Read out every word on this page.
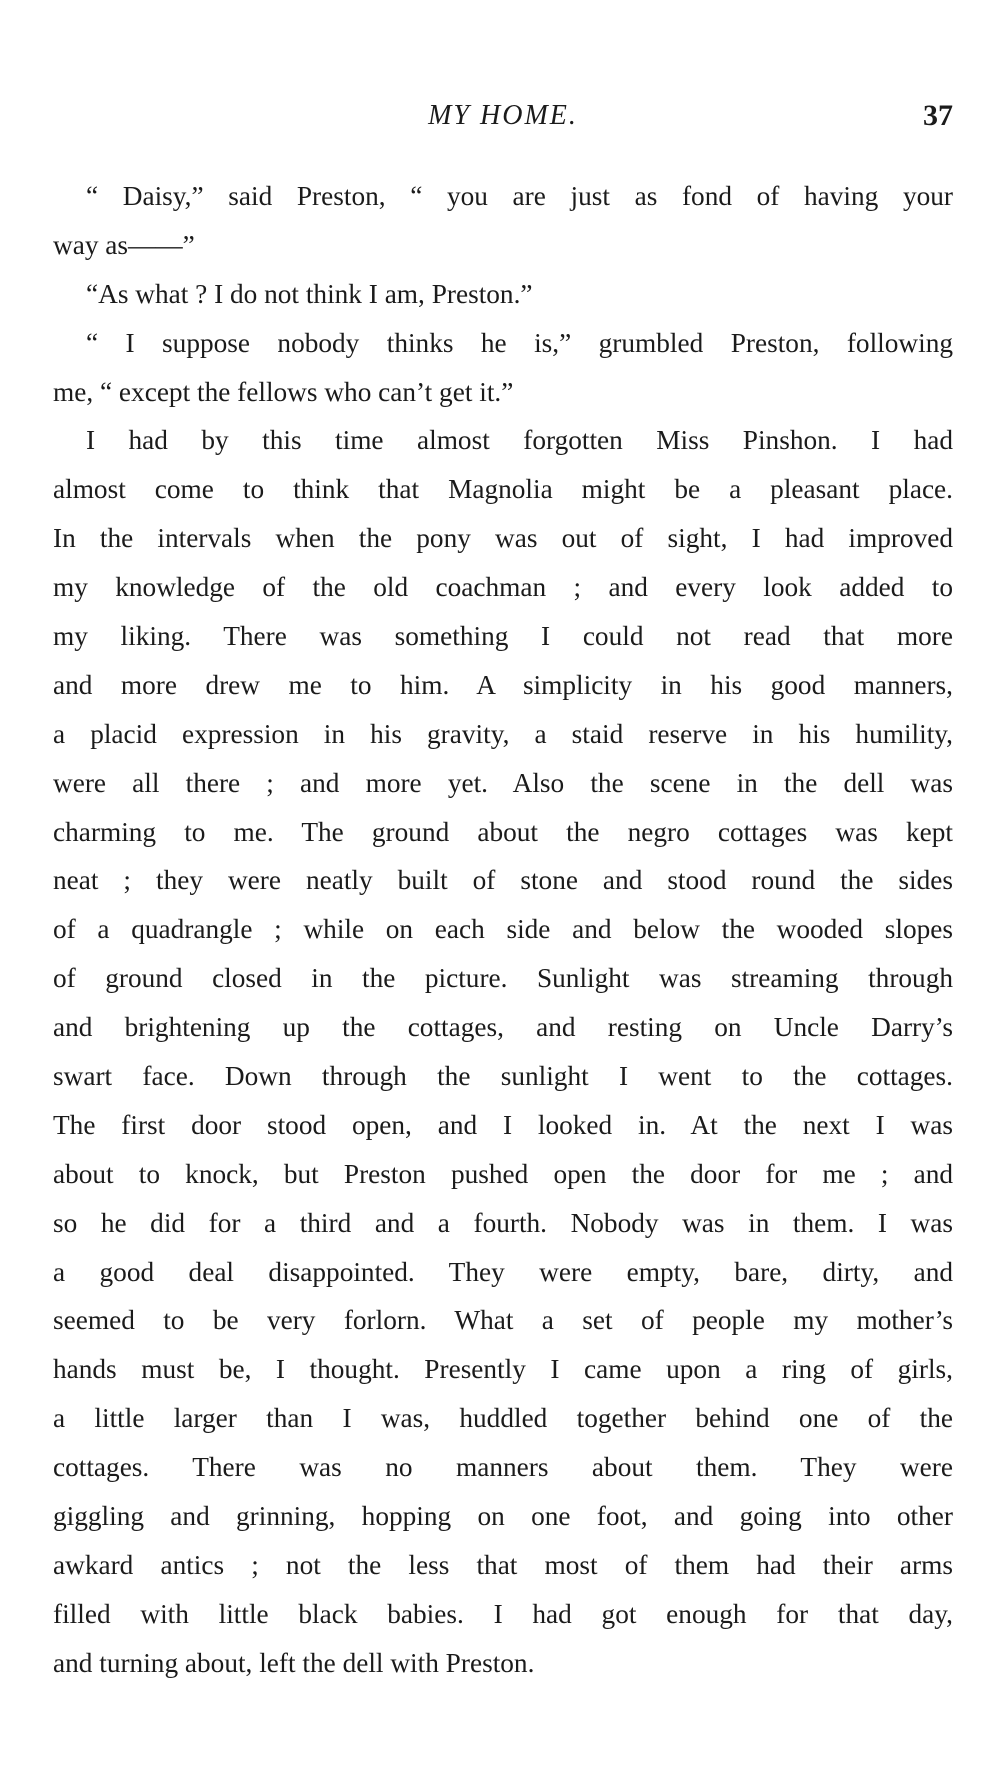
MY HOME.	37
“ Daisy,” said Preston, “ you are just as fond of having your
way as——”
“As what ? I do not think I am, Preston.”
“ I suppose nobody thinks he is,” grumbled Preston, following
me, “ except the fellows who can’t get it.”
I had by this time almost forgotten Miss Pinshon. I had
almost come to think that Magnolia might be a pleasant place.
In the intervals when the pony was out of sight, I had improved
my knowledge of the old coachman ; and every look added to
my liking. There was something I could not read that more
and more drew me to him. A simplicity in his good manners,
a placid expression in his gravity, a staid reserve in his humility,
were all there ; and more yet. Also the scene in the dell was
charming to me. The ground about the negro cottages was kept
neat ; they were neatly built of stone and stood round the sides
of a quadrangle ; while on each side and below the wooded slopes
of ground closed in the picture. Sunlight was streaming through
and brightening up the cottages, and resting on Uncle Darry’s
swart face. Down through the sunlight I went to the cottages.
The first door stood open, and I looked in. At the next I was
about to knock, but Preston pushed open the door for me ; and
so he did for a third and a fourth. Nobody was in them. I was
a good deal disappointed. They were empty, bare, dirty, and
seemed to be very forlorn. What a set of people my mother’s
hands must be, I thought. Presently I came upon a ring of girls,
a little larger than I was, huddled together behind one of the
cottages. There was no manners about them. They were
giggling and grinning, hopping on one foot, and going into other
awkard antics ; not the less that most of them had their arms
filled with little black babies. I had got enough for that day,
and turning about, left the dell with Preston.
